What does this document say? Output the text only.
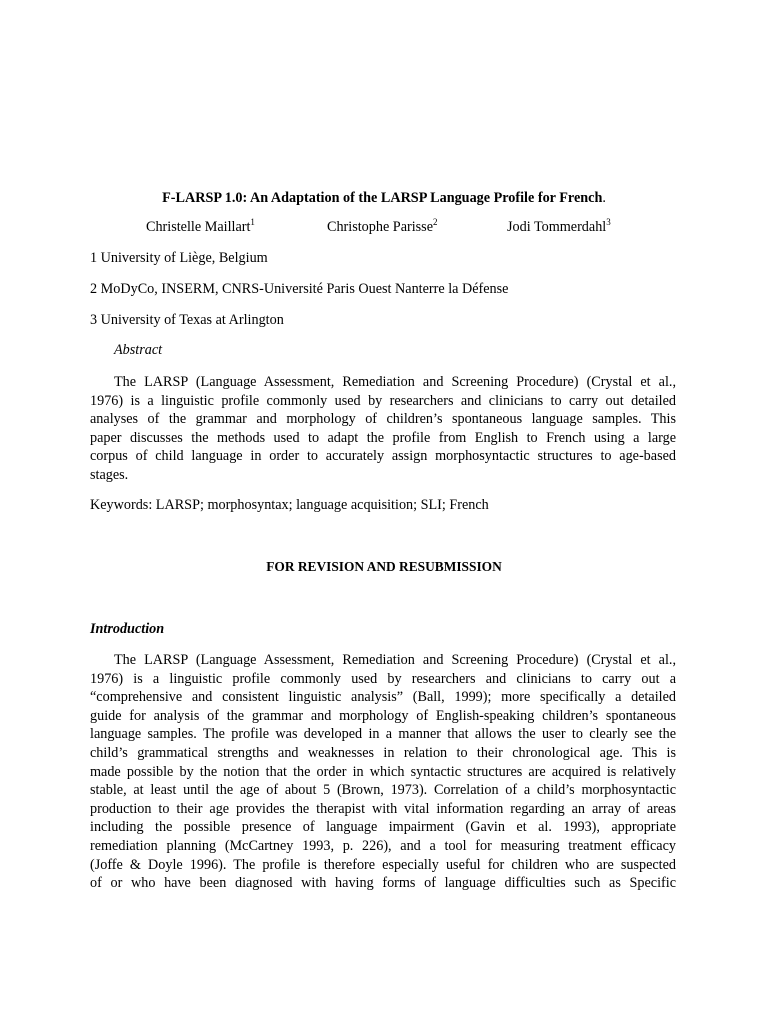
F-LARSP 1.0: An Adaptation of the LARSP Language Profile for French.
Christelle Maillart$^1$	Christophe Parisse$^2$	Jodi Tommerdahl$^3$
1 University of Liège, Belgium
2 MoDyCo, INSERM, CNRS-Université Paris Ouest Nanterre la Défense
3 University of Texas at Arlington
Abstract
The LARSP (Language Assessment, Remediation and Screening Procedure) (Crystal et al.,
1976) is a linguistic profile commonly used by researchers and clinicians to carry out detailed
analyses of the grammar and morphology of children’s spontaneous language samples. This
paper discusses the methods used to adapt the profile from English to French using a large
corpus of child language in order to accurately assign morphosyntactic structures to age-based
stages.
Keywords: LARSP; morphosyntax; language acquisition; SLI; French
FOR REVISION AND RESUBMISSION
Introduction
The LARSP (Language Assessment, Remediation and Screening Procedure) (Crystal et al.,
1976) is a linguistic profile commonly used by researchers and clinicians to carry out a
“comprehensive and consistent linguistic analysis” (Ball, 1999); more specifically a detailed
guide for analysis of the grammar and morphology of English-speaking children’s spontaneous
language samples. The profile was developed in a manner that allows the user to clearly see the
child’s grammatical strengths and weaknesses in relation to their chronological age. This is
made possible by the notion that the order in which syntactic structures are acquired is relatively
stable, at least until the age of about 5 (Brown, 1973). Correlation of a child’s morphosyntactic
production to their age provides the therapist with vital information regarding an array of areas
including the possible presence of language impairment (Gavin et al. 1993), appropriate
remediation planning (McCartney 1993, p. 226), and a tool for measuring treatment efficacy
(Joffe & Doyle 1996). The profile is therefore especially useful for children who are suspected
of or who have been diagnosed with having forms of language difficulties such as Specific
